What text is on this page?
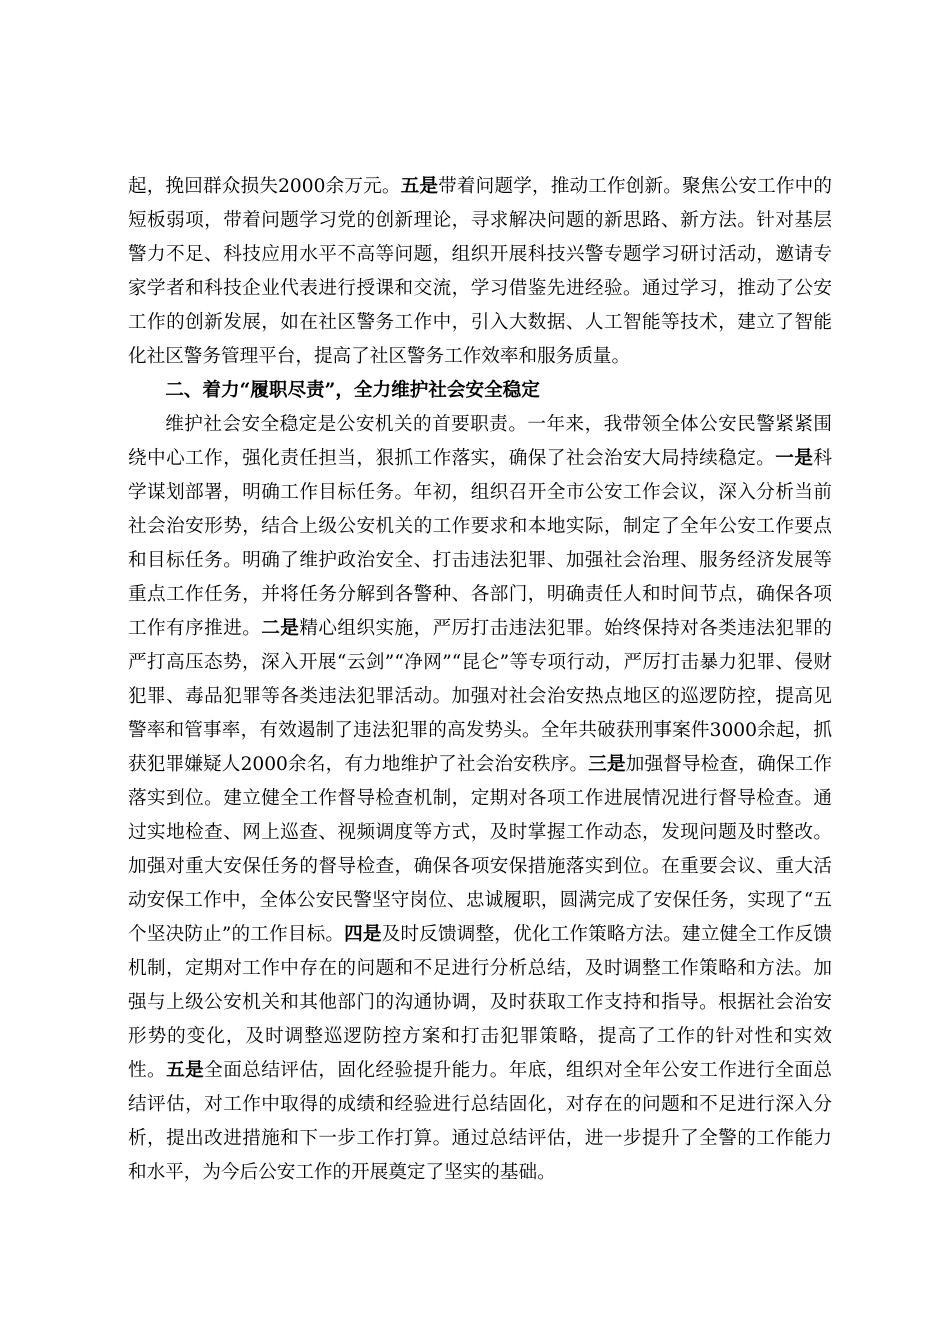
起，挽回群众损失2000余万元。五是带着问题学，推动工作创新。聚焦公安工作中的短板弱项，带着问题学习党的创新理论，寻求解决问题的新思路、新方法。针对基层警力不足、科技应用水平不高等问题，组织开展科技兴警专题学习研讨活动，邀请专家学者和科技企业代表进行授课和交流，学习借鉴先进经验。通过学习，推动了公安工作的创新发展，如在社区警务工作中，引入大数据、人工智能等技术，建立了智能化社区警务管理平台，提高了社区警务工作效率和服务质量。

二、着力“履职尽责”，全力维护社会安全稳定

维护社会安全稳定是公安机关的首要职责。一年来，我带领全体公安民警紧紧围绕中心工作，强化责任担当，狠抓工作落实，确保了社会治安大局持续稳定。一是科学谋划部署，明确工作目标任务。年初，组织召开全市公安工作会议，深入分析当前社会治安形势，结合上级公安机关的工作要求和本地实际，制定了全年公安工作要点和目标任务。明确了维护政治安全、打击违法犯罪、加强社会治理、服务经济发展等重点工作任务，并将任务分解到各警种、各部门，明确责任人和时间节点，确保各项工作有序推进。二是精心组织实施，严厉打击违法犯罪。始终保持对各类违法犯罪的严打高压态势，深入开展“云剑”“净网”“昆仑”等专项行动，严厉打击暴力犯罪、侵财犯罪、毒品犯罪等各类违法犯罪活动。加强对社会治安热点地区的巡逻防控，提高见警率和管事率，有效遏制了违法犯罪的高发势头。全年共破获刑事案件3000余起，抓获犯罪嫌疑人2000余名，有力地维护了社会治安秩序。三是加强督导检查，确保工作落实到位。建立健全工作督导检查机制，定期对各项工作进展情况进行督导检查。通过实地检查、网上巡查、视频调度等方式，及时掌握工作动态，发现问题及时整改。加强对重大安保任务的督导检查，确保各项安保措施落实到位。在重要会议、重大活动安保工作中，全体公安民警坚守岗位、忠诚履职，圆满完成了安保任务，实现了“五个坚决防止”的工作目标。四是及时反馈调整，优化工作策略方法。建立健全工作反馈机制，定期对工作中存在的问题和不足进行分析总结，及时调整工作策略和方法。加强与上级公安机关和其他部门的沟通协调，及时获取工作支持和指导。根据社会治安形势的变化，及时调整巡逻防控方案和打击犯罪策略，提高了工作的针对性和实效性。五是全面总结评估，固化经验提升能力。年底，组织对全年公安工作进行全面总结评估，对工作中取得的成绩和经验进行总结固化，对存在的问题和不足进行深入分析，提出改进措施和下一步工作打算。通过总结评估，进一步提升了全警的工作能力和水平，为今后公安工作的开展奠定了坚实的基础。
